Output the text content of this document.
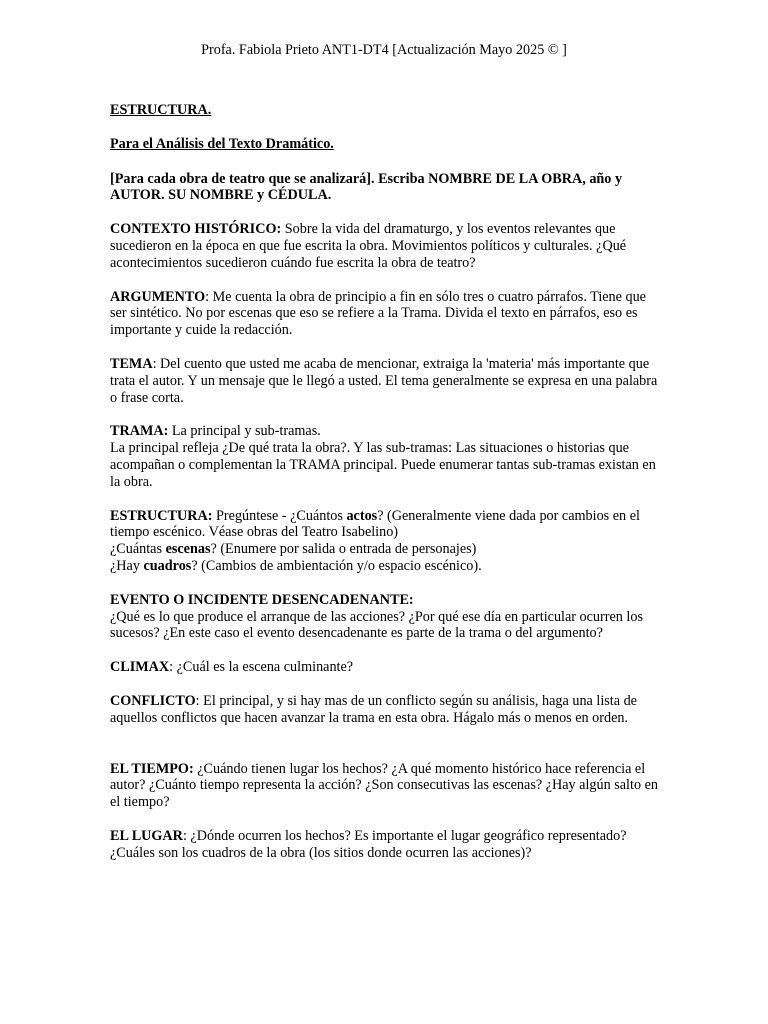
Profa. Fabiola Prieto ANT1-DT4 [Actualización Mayo 2025 © ]

ESTRUCTURA.

Para el Análisis del Texto Dramático.

[Para cada obra de teatro que se analizará]. Escriba NOMBRE DE LA OBRA, año y AUTOR. SU NOMBRE y CÉDULA.

CONTEXTO HISTÓRICO: Sobre la vida del dramaturgo, y los eventos relevantes que sucedieron en la época en que fue escrita la obra. Movimientos políticos y culturales. ¿Qué acontecimientos sucedieron cuándo fue escrita la obra de teatro?

ARGUMENTO: Me cuenta la obra de principio a fin en sólo tres o cuatro párrafos. Tiene que ser sintético. No por escenas que eso se refiere a la Trama. Divida el texto en párrafos, eso es importante y cuide la redacción.

TEMA: Del cuento que usted me acaba de mencionar, extraiga la 'materia' más importante que trata el autor. Y un mensaje que le llegó a usted. El tema generalmente se expresa en una palabra o frase corta.

TRAMA: La principal y sub-tramas.

La principal refleja ¿De qué trata la obra?. Y las sub-tramas: Las situaciones o historias que acompañan o complementan la TRAMA principal. Puede enumerar tantas sub-tramas existan en la obra.

ESTRUCTURA: Pregúntese - ¿Cuántos actos? (Generalmente viene dada por cambios en el tiempo escénico. Véase obras del Teatro Isabelino)

¿Cuántas escenas? (Enumere por salida o entrada de personajes)

¿Hay cuadros? (Cambios de ambientación y/o espacio escénico).

EVENTO O INCIDENTE DESENCADENANTE:

¿Qué es lo que produce el arranque de las acciones? ¿Por qué ese día en particular ocurren los sucesos? ¿En este caso el evento desencadenante es parte de la trama o del argumento?

CLIMAX: ¿Cuál es la escena culminante?

CONFLICTO: El principal, y si hay mas de un conflicto según su análisis, haga una lista de aquellos conflictos que hacen avanzar la trama en esta obra. Hágalo más o menos en orden.

EL TIEMPO: ¿Cuándo tienen lugar los hechos? ¿A qué momento histórico hace referencia el autor? ¿Cuánto tiempo representa la acción? ¿Son consecutivas las escenas? ¿Hay algún salto en el tiempo?

EL LUGAR: ¿Dónde ocurren los hechos? Es importante el lugar geográfico representado? ¿Cuáles son los cuadros de la obra (los sitios donde ocurren las acciones)?
